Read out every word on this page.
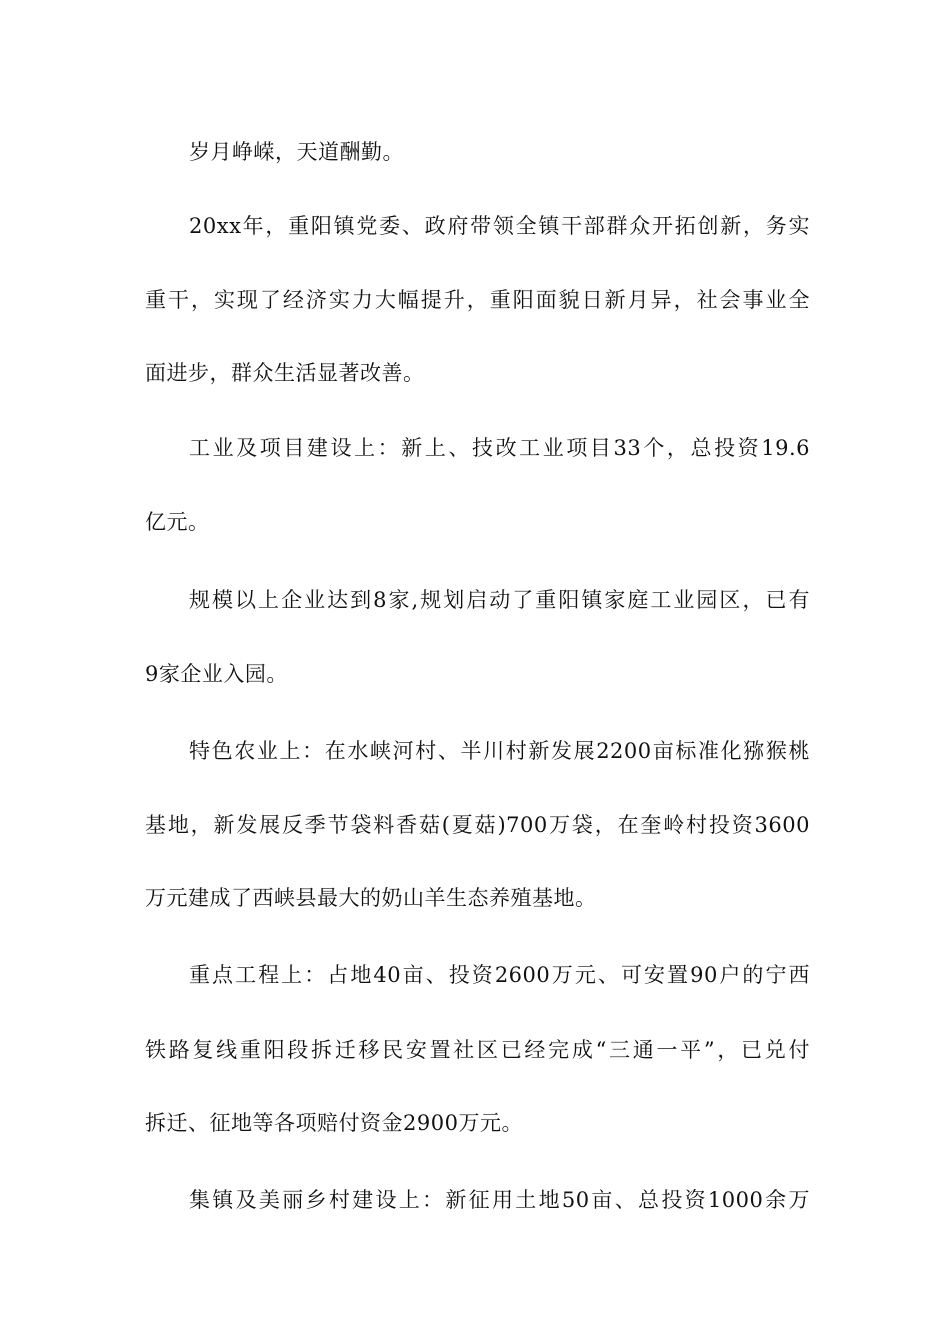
岁月峥嵘，天道酬勤。
20xx年，重阳镇党委、政府带领全镇干部群众开拓创新，务实
重干，实现了经济实力大幅提升，重阳面貌日新月异，社会事业全
面进步，群众生活显著改善。
工业及项目建设上：新上、技改工业项目33个，总投资19.6
亿元。
规模以上企业达到8家,规划启动了重阳镇家庭工业园区，已有
9家企业入园。
特色农业上：在水峡河村、半川村新发展2200亩标准化猕猴桃
基地，新发展反季节袋料香菇(夏菇)700万袋，在奎岭村投资3600
万元建成了西峡县最大的奶山羊生态养殖基地。
重点工程上：占地40亩、投资2600万元、可安置90户的宁西
铁路复线重阳段拆迁移民安置社区已经完成“三通一平”，已兑付
拆迁、征地等各项赔付资金2900万元。
集镇及美丽乡村建设上：新征用土地50亩、总投资1000余万
